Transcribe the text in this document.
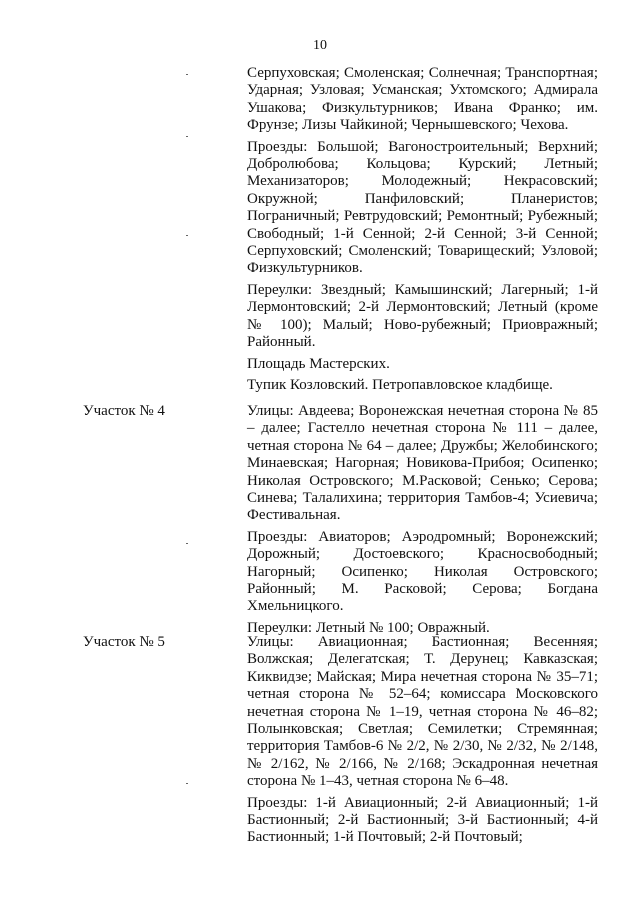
10

Серпуховская; Смоленская; Солнечная; Транспортная; Ударная; Узловая; Усманская; Ухтомского; Адмирала Ушакова; Физкультурников; Ивана Франко; им. Фрунзе; Лизы Чайкиной; Чернышевского; Чехова.

Проезды: Большой; Вагоностроительный; Верхний; Добролюбова; Кольцова; Курский; Летный; Механизаторов; Молодежный; Некрасовский; Окружной; Панфиловский; Планеристов; Пограничный; Ревтрудовский; Ремонтный; Рубежный; Свободный; 1-й Сенной; 2-й Сенной; 3-й Сенной; Серпуховский; Смоленский; Товарищеский; Узловой; Физкультурников.

Переулки: Звездный; Камышинский; Лагерный; 1-й Лермонтовский; 2-й Лермонтовский; Летный (кроме № 100); Малый; Ново-рубежный; Приовражный; Районный.

Площадь Мастерских.

Тупик Козловский. Петропавловское кладбище.

Участок № 4	Улицы: Авдеева; Воронежская нечетная сторона № 85 – далее; Гастелло нечетная сторона № 111 – далее, четная сторона № 64 – далее; Дружбы; Желобинского; Минаевская; Нагорная; Новикова-Прибоя; Осипенко; Николая Островского; М.Расковой; Сенько; Серова; Синева; Талалихина; территория Тамбов-4; Усиевича; Фестивальная.

Проезды: Авиаторов; Аэродромный; Воронежский; Дорожный; Достоевского; Красносвободный; Нагорный; Осипенко; Николая Островского; Районный; М. Расковой; Серова; Богдана Хмельницкого.

Переулки: Летный № 100; Овражный.

Участок № 5	Улицы: Авиационная; Бастионная; Весенняя; Волжская; Делегатская; Т. Дерунец; Кавказская; Киквидзе; Майская; Мира нечетная сторона № 35–71; четная сторона № 52–64; комиссара Московского нечетная сторона № 1–19, четная сторона № 46–82; Полынковская; Светлая; Семилетки; Стремянная; территория Тамбов-6 № 2/2, № 2/30, № 2/32, № 2/148, № 2/162, № 2/166, № 2/168; Эскадронная нечетная сторона № 1–43, четная сторона № 6–48.

Проезды: 1-й Авиационный; 2-й Авиационный; 1-й Бастионный; 2-й Бастионный; 3-й Бастионный; 4-й Бастионный; 1-й Почтовый; 2-й Почтовый;
